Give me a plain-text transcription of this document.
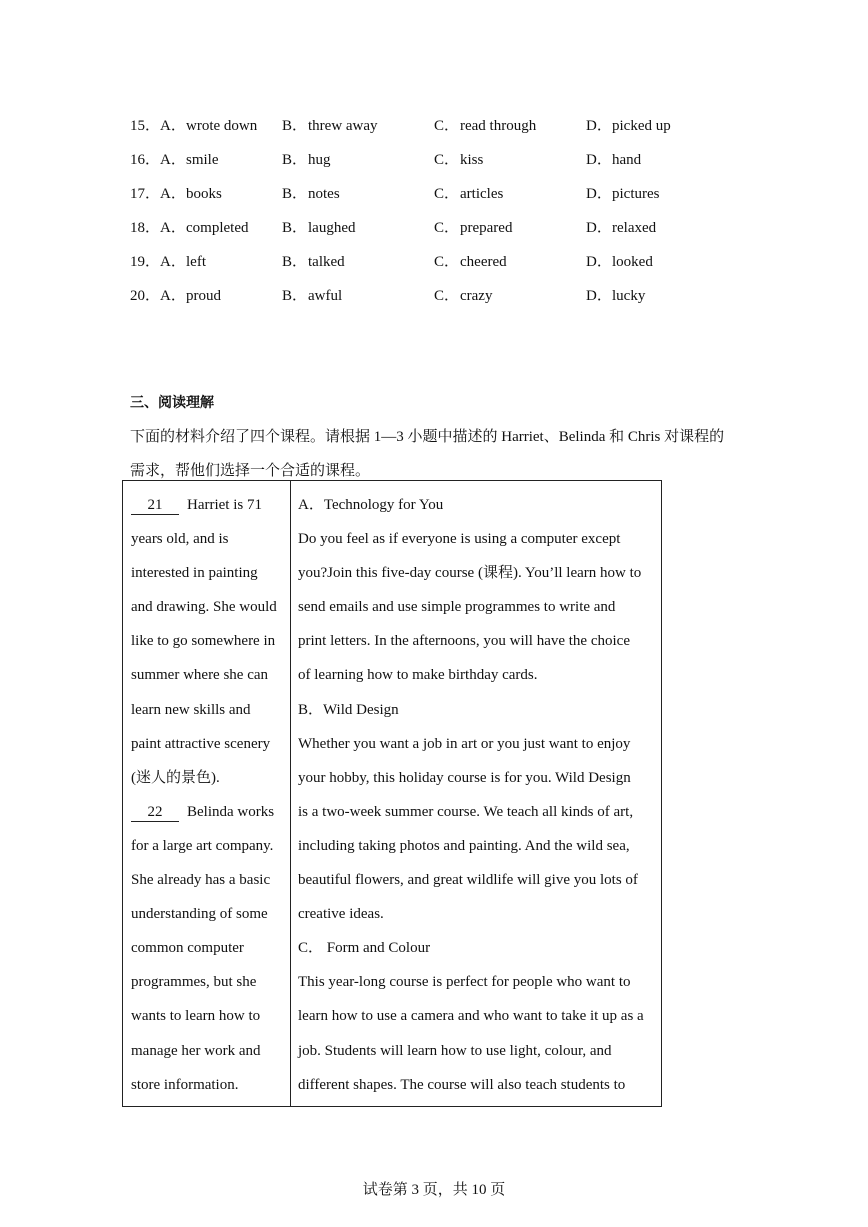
15． A．wrote down B．threw away	C．read through	D．picked up
16． A．smile	B．hug	C．kiss	D．hand
17． A．books	B．notes	C．articles	D．pictures
18． A．completed B．laughed	C．prepared	D．relaxed
19． A．left	B．talked	C．cheered	D．looked
20． A．proud	B．awful	C．crazy	D．lucky
三、阅读理解
下面的材料介绍了四个课程。请根据 1—3 小题中描述的 Harriet、Belinda 和 Chris 对课程的
需求，帮他们选择一个合适的课程。
21 Harriet is 71
years old, and is
interested in painting
and drawing. She would
like to go somewhere in
summer where she can
learn new skills and
paint attractive scenery
(迷人的景色).
22 Belinda works
for a large art company.
She already has a basic
understanding of some
common computer
programmes, but she
wants to learn how to
manage her work and
store information.
A．Technology for You
Do you feel as if everyone is using a computer except
you?Join this five-day course (课程). You’ll learn how to
send emails and use simple programmes to write and
print letters. In the afternoons, you will have the choice
of learning how to make birthday cards.
B．Wild Design
Whether you want a job in art or you just want to enjoy
your hobby, this holiday course is for you. Wild Design
is a two-week summer course. We teach all kinds of art,
including taking photos and painting. And the wild sea,
beautiful flowers, and great wildlife will give you lots of
creative ideas.
C． Form and Colour
This year-long course is perfect for people who want to
learn how to use a camera and who want to take it up as a
job. Students will learn how to use light, colour, and
different shapes. The course will also teach students to
试卷第 3 页，共 10 页
